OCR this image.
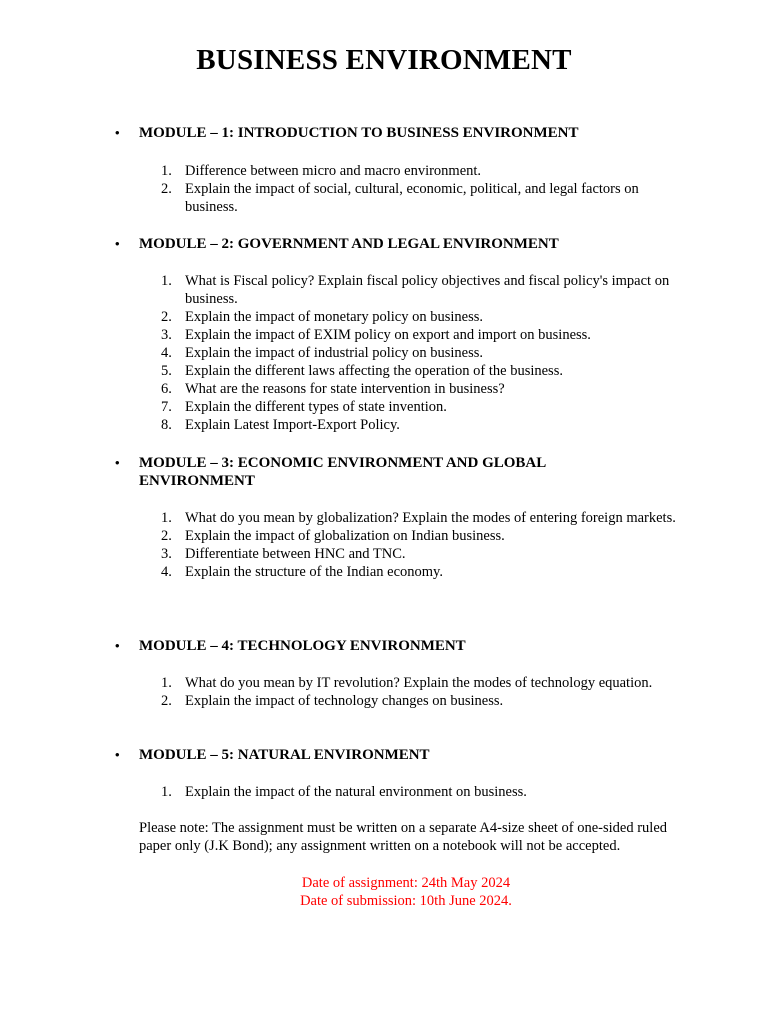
BUSINESS ENVIRONMENT
• MODULE – 1: INTRODUCTION TO BUSINESS ENVIRONMENT
1. Difference between micro and macro environment.
2. Explain the impact of social, cultural, economic, political, and legal factors on business.
• MODULE – 2: GOVERNMENT AND LEGAL ENVIRONMENT
1. What is Fiscal policy? Explain fiscal policy objectives and fiscal policy's impact on business.
2. Explain the impact of monetary policy on business.
3. Explain the impact of EXIM policy on export and import on business.
4. Explain the impact of industrial policy on business.
5. Explain the different laws affecting the operation of the business.
6. What are the reasons for state intervention in business?
7. Explain the different types of state invention.
8. Explain Latest Import-Export Policy.
• MODULE – 3: ECONOMIC ENVIRONMENT AND GLOBAL ENVIRONMENT
1. What do you mean by globalization? Explain the modes of entering foreign markets.
2. Explain the impact of globalization on Indian business.
3. Differentiate between HNC and TNC.
4. Explain the structure of the Indian economy.
• MODULE – 4: TECHNOLOGY ENVIRONMENT
1. What do you mean by IT revolution? Explain the modes of technology equation.
2. Explain the impact of technology changes on business.
• MODULE – 5: NATURAL ENVIRONMENT
1. Explain the impact of the natural environment on business.
Please note: The assignment must be written on a separate A4-size sheet of one-sided ruled paper only (J.K Bond); any assignment written on a notebook will not be accepted.
Date of assignment: 24th May 2024
Date of submission: 10th June 2024.
